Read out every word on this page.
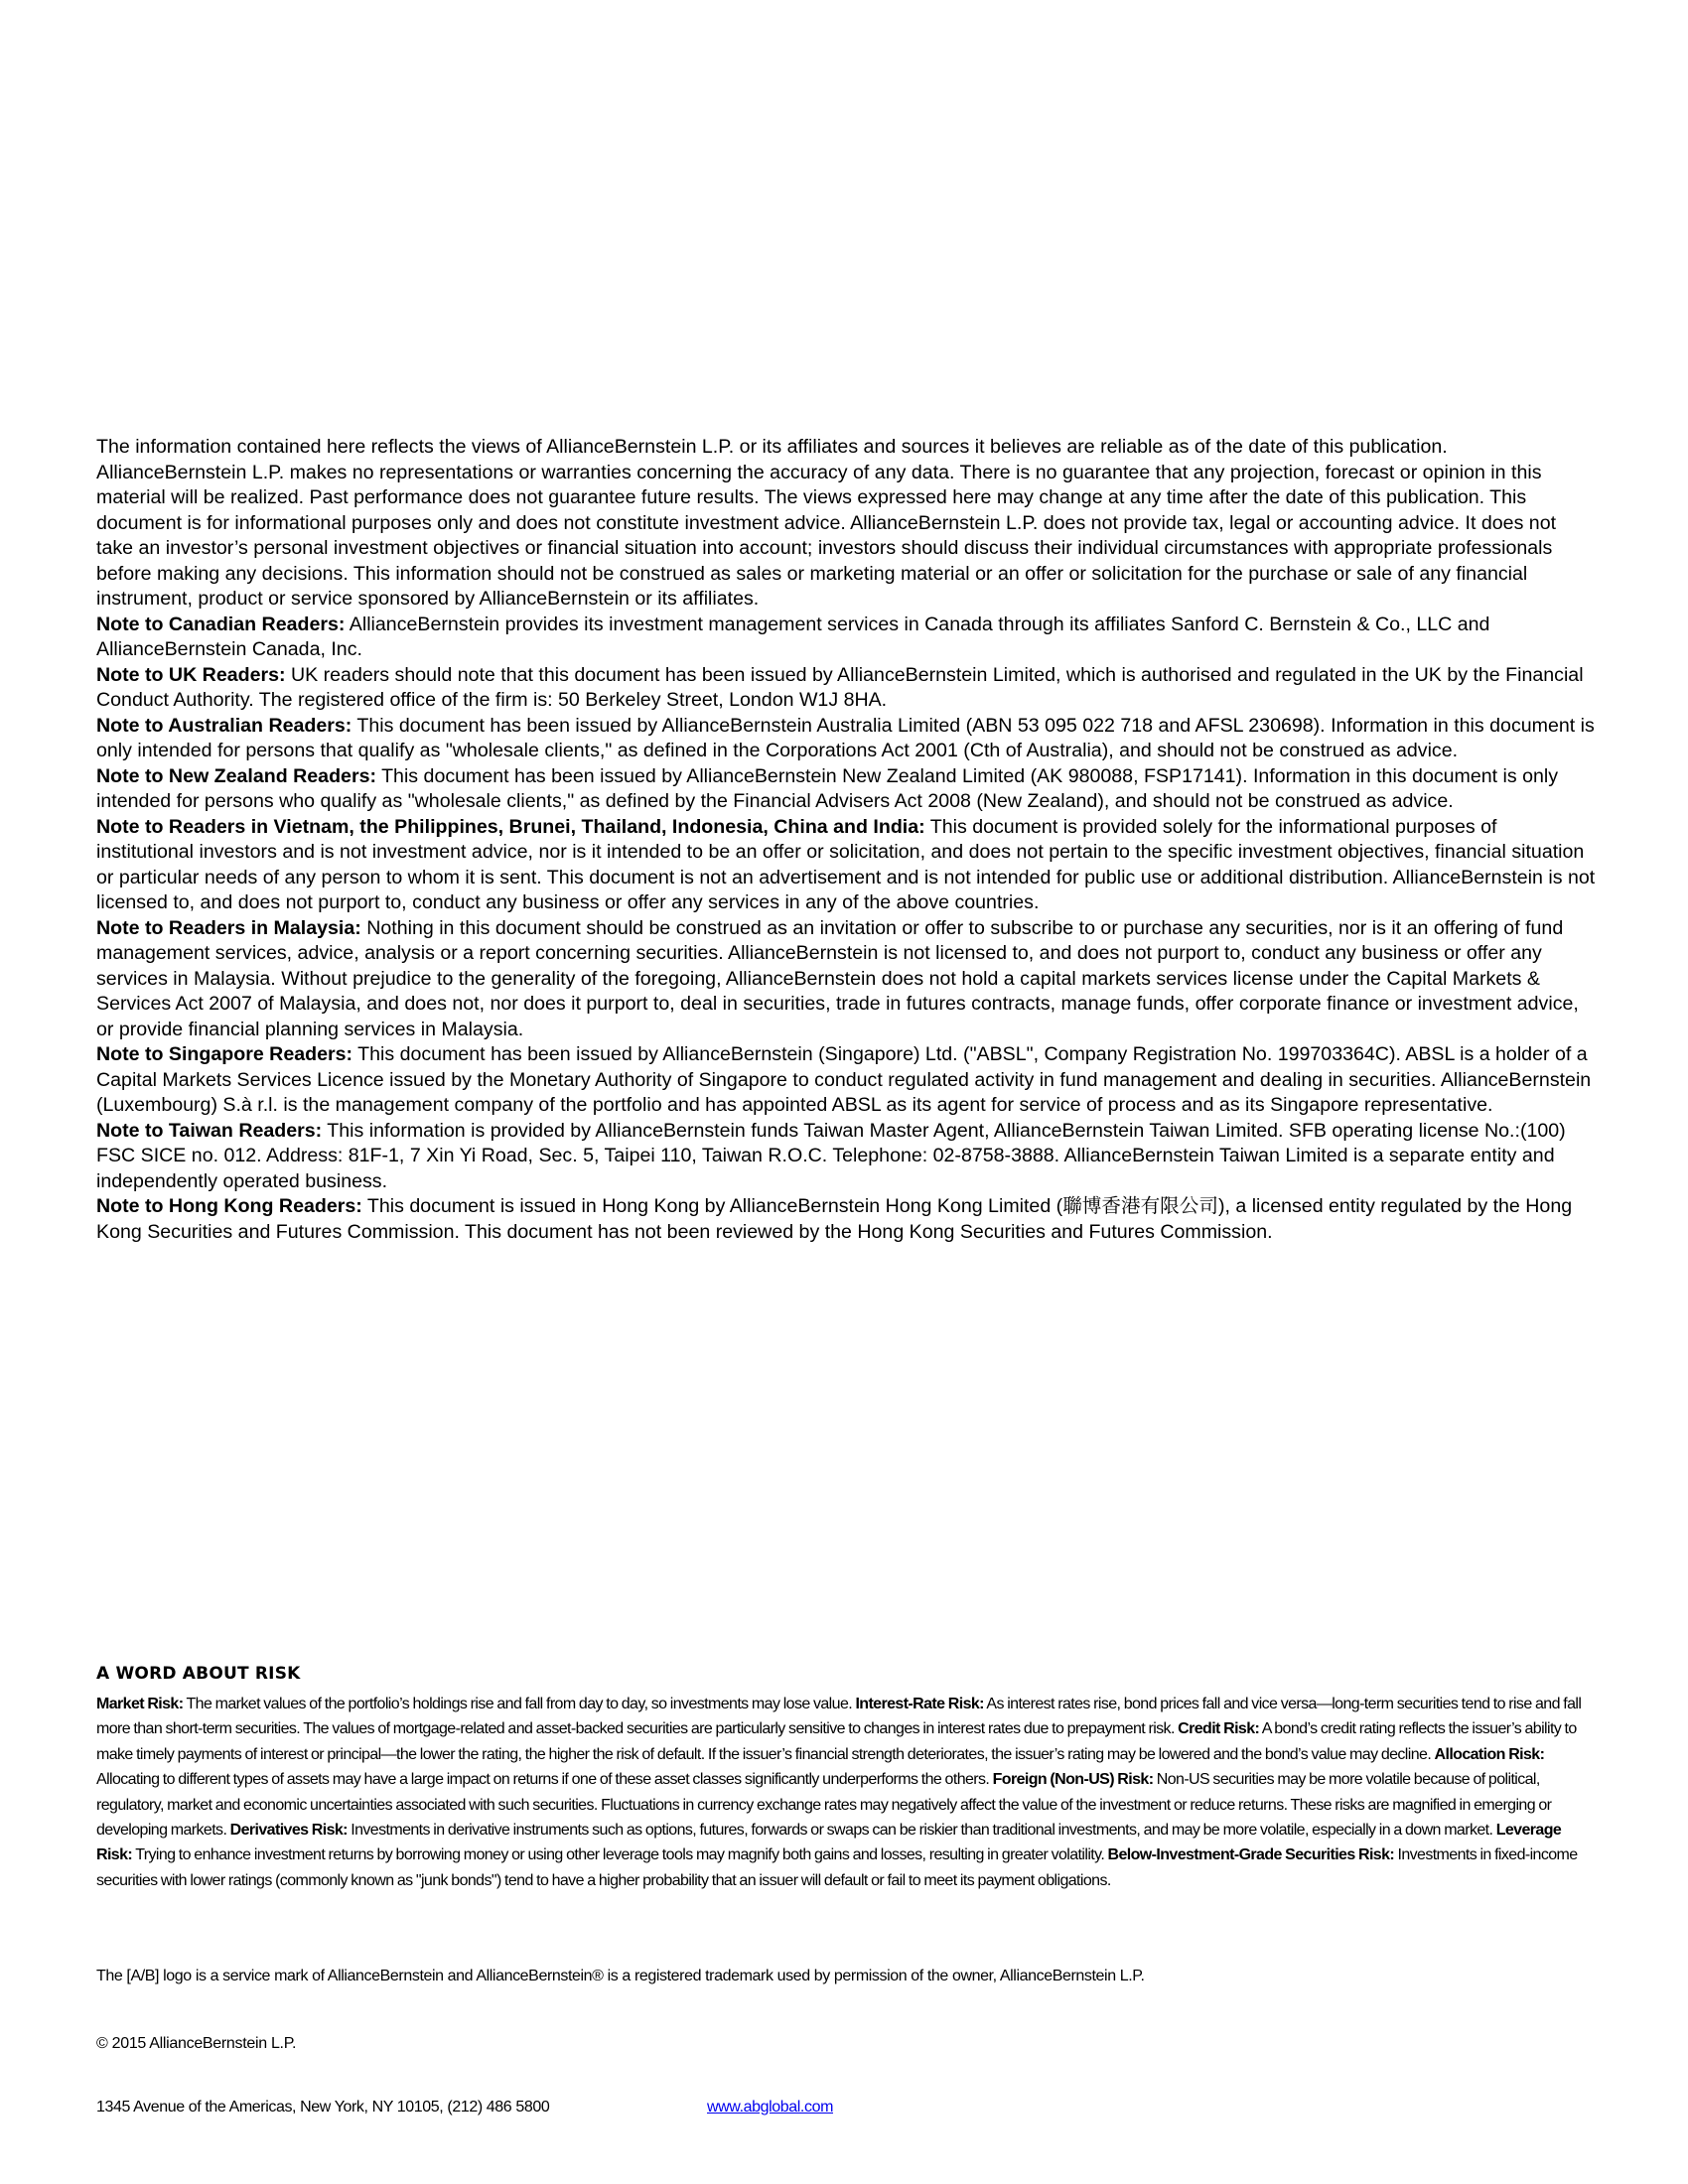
The information contained here reflects the views of AllianceBernstein L.P. or its affiliates and sources it believes are reliable as of the date of this publication. AllianceBernstein L.P. makes no representations or warranties concerning the accuracy of any data. There is no guarantee that any projection, forecast or opinion in this material will be realized. Past performance does not guarantee future results. The views expressed here may change at any time after the date of this publication. This document is for informational purposes only and does not constitute investment advice. AllianceBernstein L.P. does not provide tax, legal or accounting advice. It does not take an investor’s personal investment objectives or financial situation into account; investors should discuss their individual circumstances with appropriate professionals before making any decisions. This information should not be construed as sales or marketing material or an offer or solicitation for the purchase or sale of any financial instrument, product or service sponsored by AllianceBernstein or its affiliates.

Note to Canadian Readers: AllianceBernstein provides its investment management services in Canada through its affiliates Sanford C. Bernstein & Co., LLC and AllianceBernstein Canada, Inc.

Note to UK Readers: UK readers should note that this document has been issued by AllianceBernstein Limited, which is authorised and regulated in the UK by the Financial Conduct Authority. The registered office of the firm is: 50 Berkeley Street, London W1J 8HA.

Note to Australian Readers: This document has been issued by AllianceBernstein Australia Limited (ABN 53 095 022 718 and AFSL 230698). Information in this document is only intended for persons that qualify as "wholesale clients," as defined in the Corporations Act 2001 (Cth of Australia), and should not be construed as advice.

Note to New Zealand Readers: This document has been issued by AllianceBernstein New Zealand Limited (AK 980088, FSP17141). Information in this document is only intended for persons who qualify as "wholesale clients," as defined by the Financial Advisers Act 2008 (New Zealand), and should not be construed as advice.

Note to Readers in Vietnam, the Philippines, Brunei, Thailand, Indonesia, China and India: This document is provided solely for the informational purposes of institutional investors and is not investment advice, nor is it intended to be an offer or solicitation, and does not pertain to the specific investment objectives, financial situation or particular needs of any person to whom it is sent. This document is not an advertisement and is not intended for public use or additional distribution. AllianceBernstein is not licensed to, and does not purport to, conduct any business or offer any services in any of the above countries.

Note to Readers in Malaysia: Nothing in this document should be construed as an invitation or offer to subscribe to or purchase any securities, nor is it an offering of fund management services, advice, analysis or a report concerning securities. AllianceBernstein is not licensed to, and does not purport to, conduct any business or offer any services in Malaysia. Without prejudice to the generality of the foregoing, AllianceBernstein does not hold a capital markets services license under the Capital Markets & Services Act 2007 of Malaysia, and does not, nor does it purport to, deal in securities, trade in futures contracts, manage funds, offer corporate finance or investment advice, or provide financial planning services in Malaysia.

Note to Singapore Readers: This document has been issued by AllianceBernstein (Singapore) Ltd. ("ABSL", Company Registration No. 199703364C). ABSL is a holder of a Capital Markets Services Licence issued by the Monetary Authority of Singapore to conduct regulated activity in fund management and dealing in securities. AllianceBernstein (Luxembourg) S.à r.l. is the management company of the portfolio and has appointed ABSL as its agent for service of process and as its Singapore representative.

Note to Taiwan Readers: This information is provided by AllianceBernstein funds Taiwan Master Agent, AllianceBernstein Taiwan Limited. SFB operating license No.:(100) FSC SICE no. 012. Address: 81F-1, 7 Xin Yi Road, Sec. 5, Taipei 110, Taiwan R.O.C. Telephone: 02-8758-3888. AllianceBernstein Taiwan Limited is a separate entity and independently operated business.

Note to Hong Kong Readers: This document is issued in Hong Kong by AllianceBernstein Hong Kong Limited (聯博香港有限公司), a licensed entity regulated by the Hong Kong Securities and Futures Commission. This document has not been reviewed by the Hong Kong Securities and Futures Commission.

A WORD ABOUT RISK
Market Risk: The market values of the portfolio’s holdings rise and fall from day to day, so investments may lose value. Interest-Rate Risk: As interest rates rise, bond prices fall and vice versa—long-term securities tend to rise and fall more than short-term securities. The values of mortgage-related and asset-backed securities are particularly sensitive to changes in interest rates due to prepayment risk. Credit Risk: A bond’s credit rating reflects the issuer’s ability to make timely payments of interest or principal—the lower the rating, the higher the risk of default. If the issuer’s financial strength deteriorates, the issuer’s rating may be lowered and the bond’s value may decline. Allocation Risk: Allocating to different types of assets may have a large impact on returns if one of these asset classes significantly underperforms the others. Foreign (Non-US) Risk: Non-US securities may be more volatile because of political, regulatory, market and economic uncertainties associated with such securities. Fluctuations in currency exchange rates may negatively affect the value of the investment or reduce returns. These risks are magnified in emerging or developing markets. Derivatives Risk: Investments in derivative instruments such as options, futures, forwards or swaps can be riskier than traditional investments, and may be more volatile, especially in a down market. Leverage Risk: Trying to enhance investment returns by borrowing money or using other leverage tools may magnify both gains and losses, resulting in greater volatility. Below-Investment-Grade Securities Risk: Investments in fixed-income securities with lower ratings (commonly known as "junk bonds") tend to have a higher probability that an issuer will default or fail to meet its payment obligations.
The [A/B] logo is a service mark of AllianceBernstein and AllianceBernstein® is a registered trademark used by permission of the owner, AllianceBernstein L.P.
© 2015 AllianceBernstein L.P.
1345 Avenue of the Americas, New York, NY 10105, (212) 486 5800	www.abglobal.com
